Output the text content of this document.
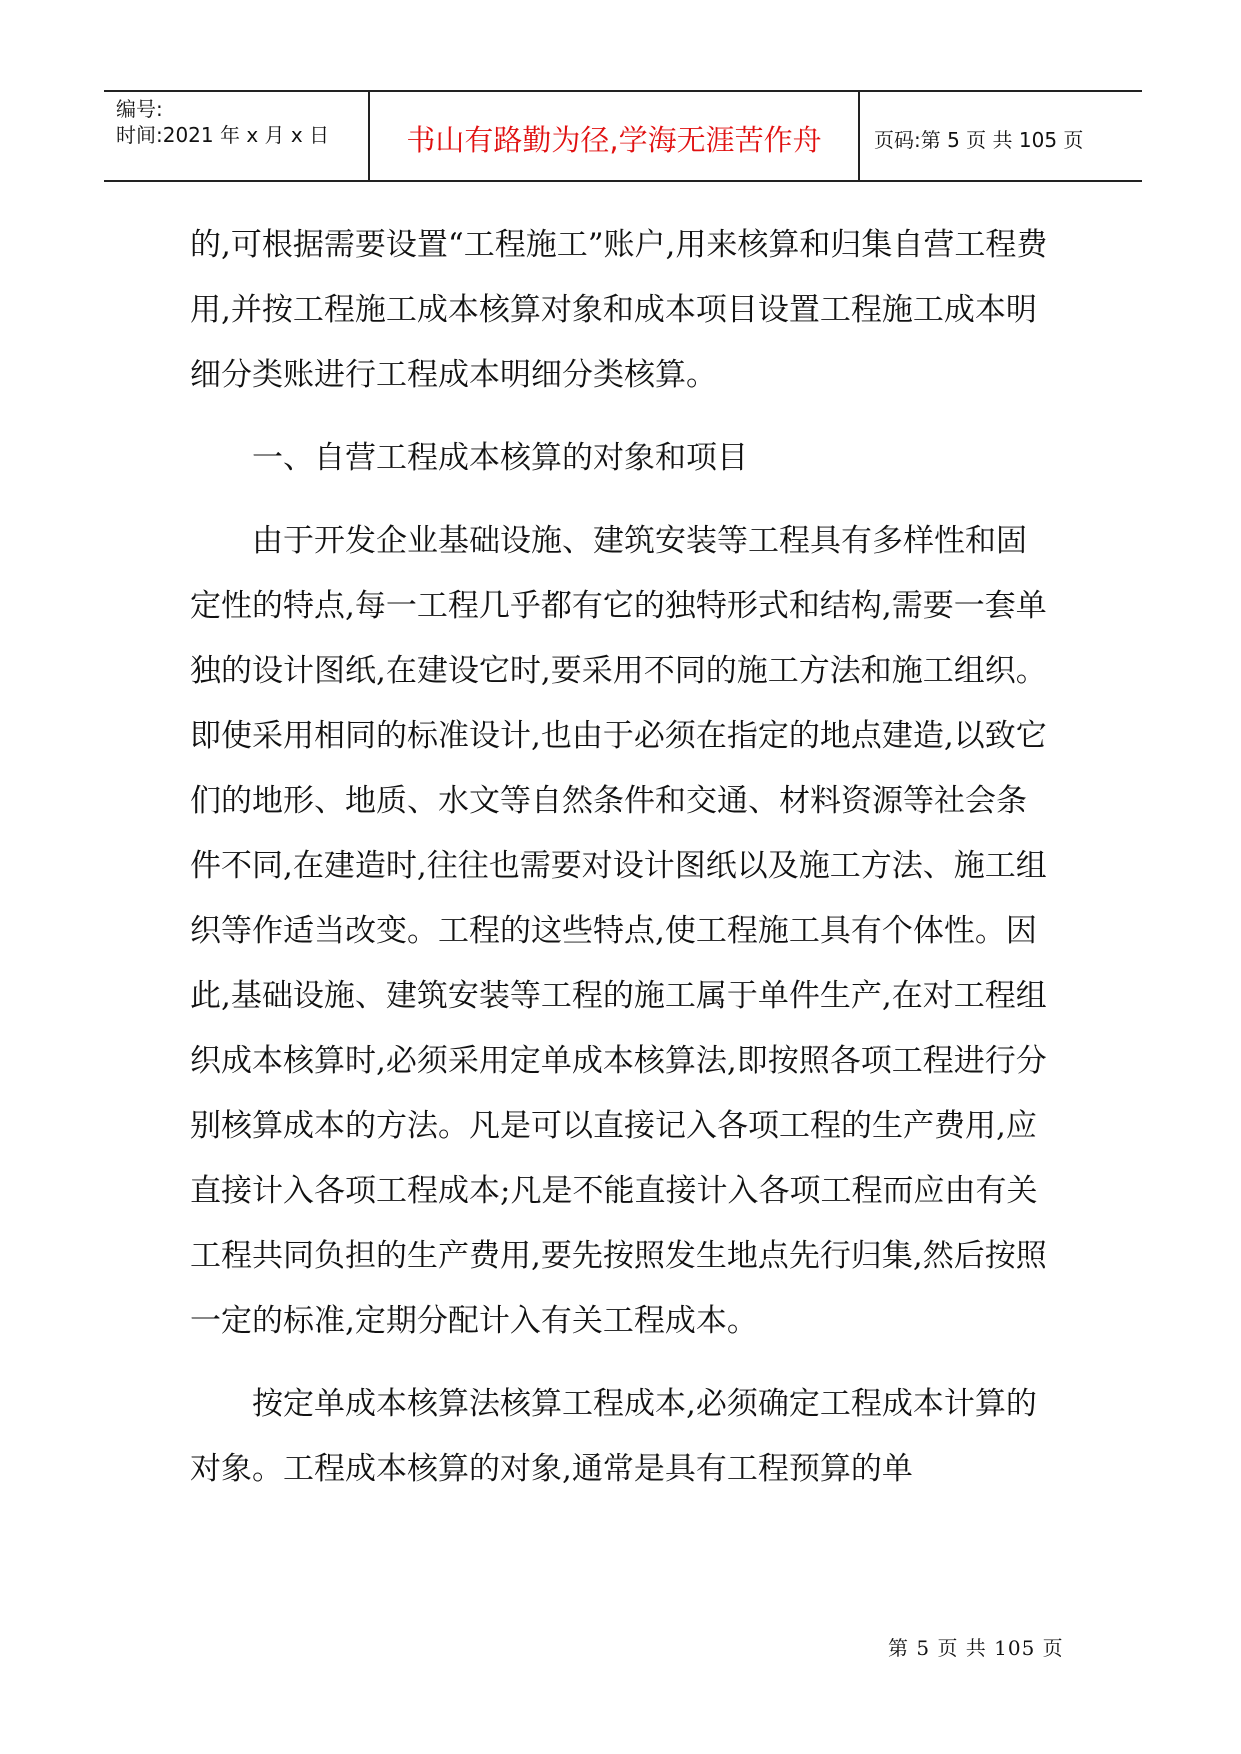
编号:
时间:2021 年 x 月 x 日	书山有路勤为径,学海无涯苦作舟	页码:第 5 页 共 105 页

的,可根据需要设置“工程施工”账户,用来核算和归集自营工程费用,并按工程施工成本核算对象和成本项目设置工程施工成本明细分类账进行工程成本明细分类核算。

一、自营工程成本核算的对象和项目

由于开发企业基础设施、建筑安装等工程具有多样性和固定性的特点,每一工程几乎都有它的独特形式和结构,需要一套单独的设计图纸,在建设它时,要采用不同的施工方法和施工组织。即使采用相同的标准设计,也由于必须在指定的地点建造,以致它们的地形、地质、水文等自然条件和交通、材料资源等社会条件不同,在建造时,往往也需要对设计图纸以及施工方法、施工组织等作适当改变。工程的这些特点,使工程施工具有个体性。因此,基础设施、建筑安装等工程的施工属于单件生产,在对工程组织成本核算时,必须采用定单成本核算法,即按照各项工程进行分别核算成本的方法。凡是可以直接记入各项工程的生产费用,应直接计入各项工程成本;凡是不能直接计入各项工程而应由有关工程共同负担的生产费用,要先按照发生地点先行归集,然后按照一定的标准,定期分配计入有关工程成本。

按定单成本核算法核算工程成本,必须确定工程成本计算的对象。工程成本核算的对象,通常是具有工程预算的单

第 5 页 共 105 页
